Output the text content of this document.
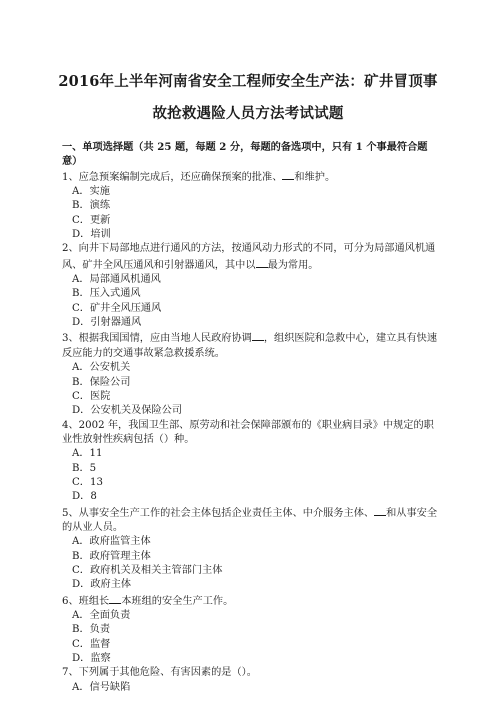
2016年上半年河南省安全工程师安全生产法：矿井冒顶事
故抢救遇险人员方法考试试题
一、单项选择题（共 25 题，每题 2 分，每题的备选项中，只有 1 个事最符合题意）
1、应急预案编制完成后，还应确保预案的批准、 和维护。
A．实施
B．演练
C．更新
D．培训
2、向井下局部地点进行通风的方法，按通风动力形式的不同，可分为局部通风机通风、矿井全风压通风和引射器通风，其中以 最为常用。
A．局部通风机通风
B．压入式通风
C．矿井全风压通风
D．引射器通风
3、根据我国国情，应由当地人民政府协调 ，组织医院和急救中心，建立具有快速反应能力的交通事故紧急救援系统。
A．公安机关
B．保险公司
C．医院
D．公安机关及保险公司
4、2002 年，我国卫生部、原劳动和社会保障部颁布的《职业病目录》中规定的职业性放射性疾病包括（）种。
A．11
B．5
C．13
D．8
5、从事安全生产工作的社会主体包括企业责任主体、中介服务主体、 和从事安全的从业人员。
A．政府监管主体
B．政府管理主体
C．政府机关及相关主管部门主体
D．政府主体
6、班组长 本班组的安全生产工作。
A．全面负责
B．负责
C．监督
D．监察
7、下列属于其他危险、有害因素的是（）。
A．信号缺陷
